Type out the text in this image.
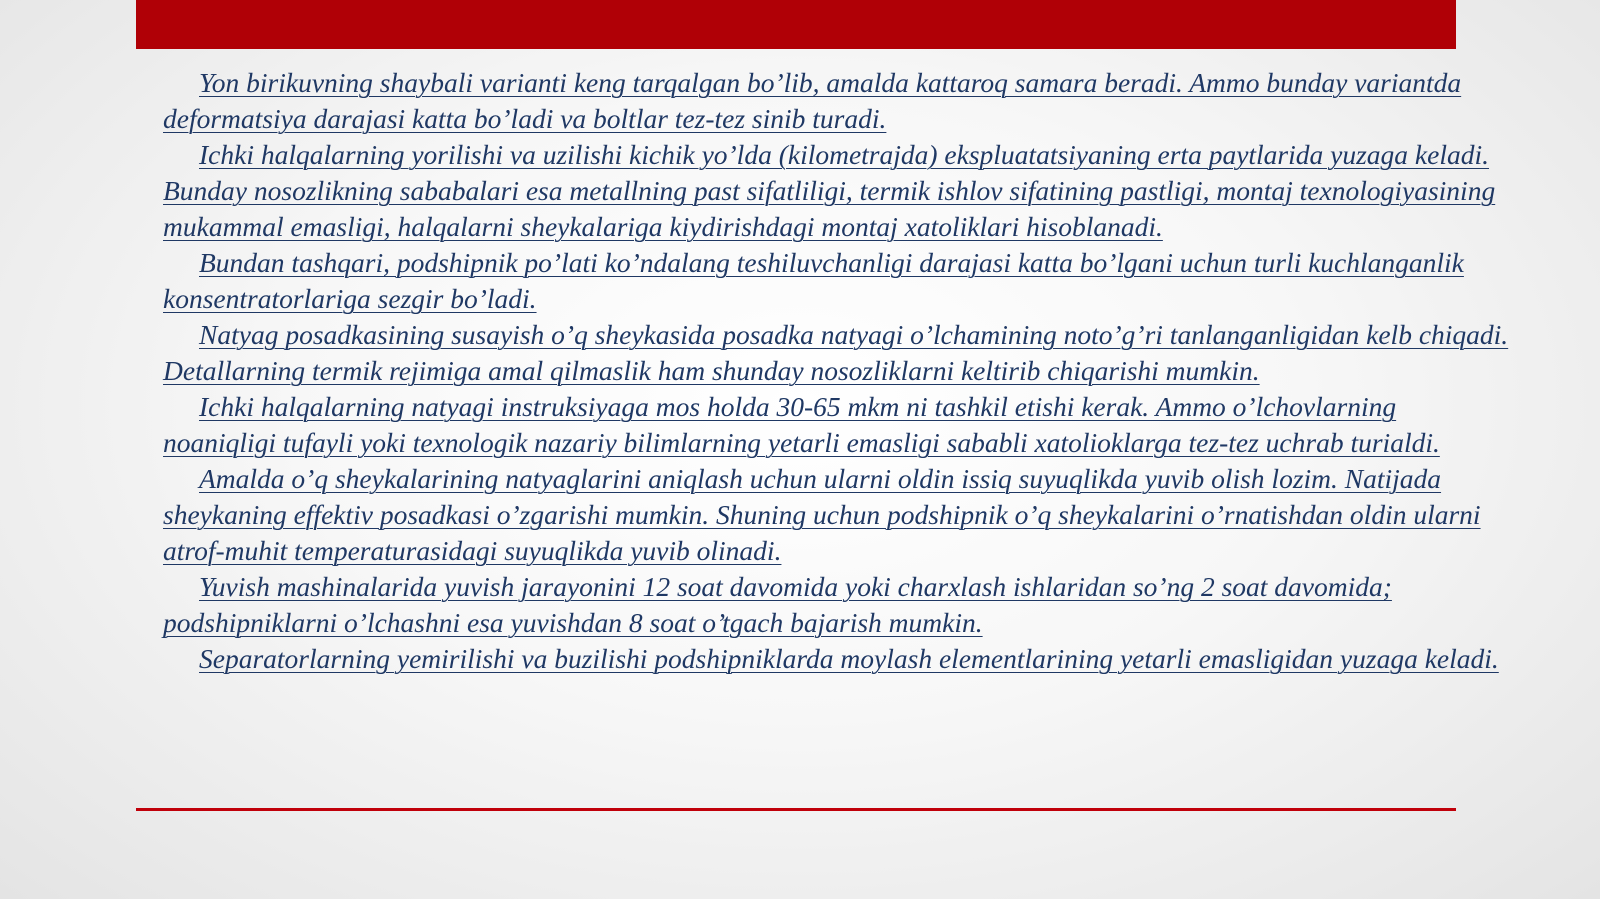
Yon birikuvning shaybali varianti keng tarqalgan bo’lib, amalda kattaroq samara beradi. Ammo bunday variantda deformatsiya darajasi katta bo’ladi va boltlar tez-tez sinib turadi.

Ichki halqalarning yorilishi va uzilishi kichik yo’lda (kilometrajda) ekspluatatsiyaning erta paytlarida yuzaga keladi. Bunday nosozlikning sababalari esa metallning past sifatliligi, termik ishlov sifatining pastligi, montaj texnologiyasining mukammal emasligi, halqalarni sheykalariga kiydirishdagi montaj xatoliklari hisoblanadi.

Bundan tashqari, podshipnik po’lati ko’ndalang teshiluvchanligi darajasi katta bo’lgani uchun turli kuchlanganlik konsentratorlariga sezgir bo’ladi.

Natyag posadkasining susayish o’q sheykasida posadka natyagi o’lchamining noto’g’ri tanlanganligidan kelb chiqadi. Detallarning termik rejimiga amal qilmaslik ham shunday nosozliklarni keltirib chiqarishi mumkin.

Ichki halqalarning natyagi instruksiyaga mos holda 30-65 mkm ni tashkil etishi kerak. Ammo o’lchovlarning noaniqligi tufayli yoki texnologik nazariy bilimlarning yetarli emasligi sababli xatolioklarga tez-tez uchrab turialdi.

Amalda o’q sheykalarining natyaglarini aniqlash uchun ularni oldin issiq suyuqlikda yuvib olish lozim. Natijada sheykaning effektiv posadkasi o’zgarishi mumkin. Shuning uchun podshipnik o’q sheykalarini o’rnatishdan oldin ularni atrof-muhit temperaturasidagi suyuqlikda yuvib olinadi.

Yuvish mashinalarida yuvish jarayonini 12 soat davomida yoki charxlash ishlaridan so’ng 2 soat davomida; podshipniklarni o’lchashni esa yuvishdan 8 soat o’tgach bajarish mumkin.

Separatorlarning yemirilishi va buzilishi podshipniklarda moylash elementlarining yetarli emasligidan yuzaga keladi.
